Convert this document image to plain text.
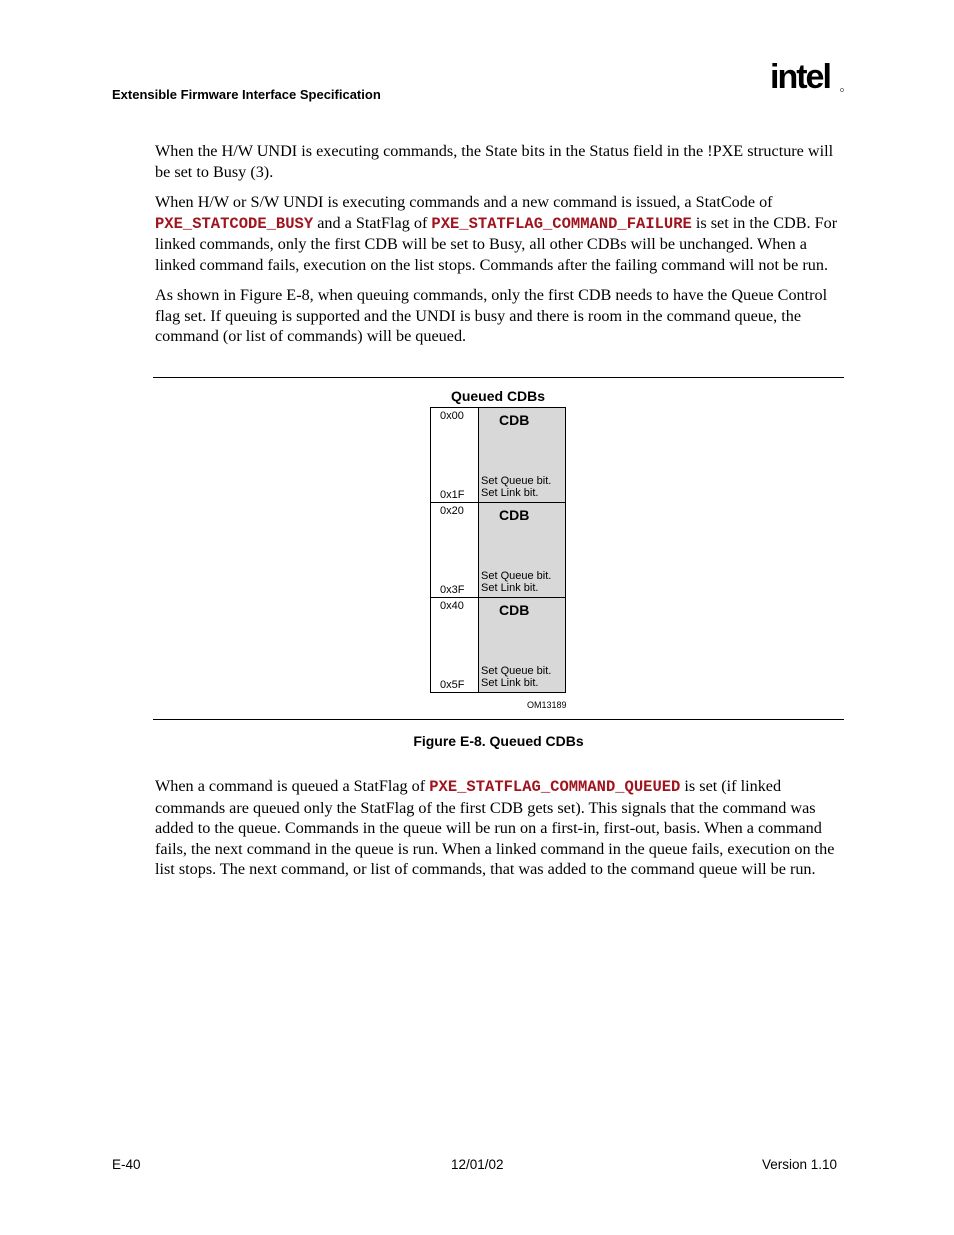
Extensible Firmware Interface Specification	intel

When the H/W UNDI is executing commands, the State bits in the Status field in the !PXE structure will be set to Busy (3).

When H/W or S/W UNDI is executing commands and a new command is issued, a StatCode of PXE_STATCODE_BUSY and a StatFlag of PXE_STATFLAG_COMMAND_FAILURE is set in the CDB. For linked commands, only the first CDB will be set to Busy, all other CDBs will be unchanged. When a linked command fails, execution on the list stops. Commands after the failing command will not be run.

As shown in Figure E-8, when queuing commands, only the first CDB needs to have the Queue Control flag set. If queuing is supported and the UNDI is busy and there is room in the command queue, the command (or list of commands) will be queued.

Queued CDBs
0x00
0x1F
CDB
Set Queue bit.
Set Link bit.
0x20
0x3F
CDB
Set Queue bit.
Set Link bit.
0x40
0x5F
CDB
Set Queue bit.
Set Link bit.
OM13189
Figure E-8. Queued CDBs

When a command is queued a StatFlag of PXE_STATFLAG_COMMAND_QUEUED is set (if linked commands are queued only the StatFlag of the first CDB gets set). This signals that the command was added to the queue. Commands in the queue will be run on a first-in, first-out, basis. When a command fails, the next command in the queue is run. When a linked command in the queue fails, execution on the list stops. The next command, or list of commands, that was added to the command queue will be run.

E-40	12/01/02	Version 1.10
